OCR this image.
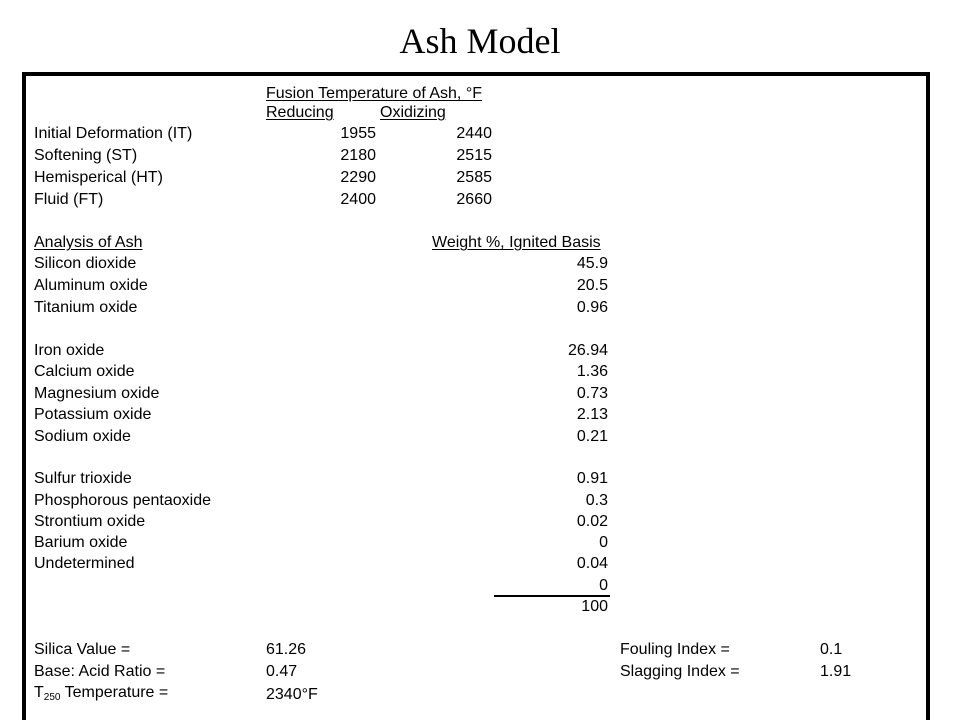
Ash Model
Fusion Temperature of Ash, °F
Reducing	Oxidizing
Initial Deformation (IT)	1955	2440
Softening (ST)	2180	2515
Hemisperical (HT)	2290	2585
Fluid (FT)	2400	2660
Analysis of Ash	Weight %, Ignited Basis
Silicon dioxide	45.9
Aluminum oxide	20.5
Titanium oxide	0.96
Iron oxide	26.94
Calcium oxide	1.36
Magnesium oxide	0.73
Potassium oxide	2.13
Sodium oxide	0.21
Sulfur trioxide	0.91
Phosphorous pentaoxide	0.3
Strontium oxide	0.02
Barium oxide	0
Undetermined	0.04
0
100
Silica Value =	61.26
Base: Acid Ratio =	0.47
$T_{250}$ Temperature =	2340°F
Fouling Index =	0.1
Slagging Index =	1.91
